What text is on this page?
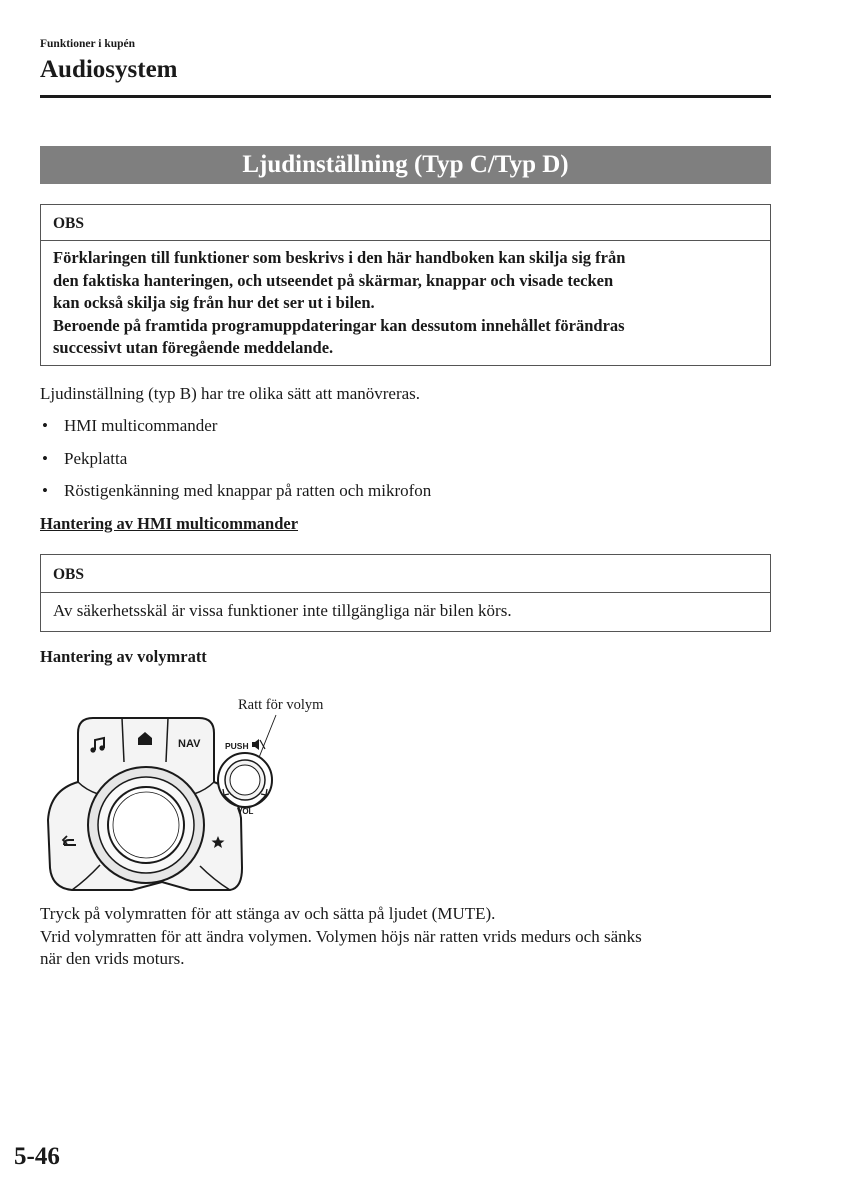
Funktioner i kupén
Audiosystem
Ljudinställning (Typ C/Typ D)
OBS
Förklaringen till funktioner som beskrivs i den här handboken kan skilja sig från
den faktiska hanteringen, och utseendet på skärmar, knappar och visade tecken
kan också skilja sig från hur det ser ut i bilen.
Beroende på framtida programuppdateringar kan dessutom innehållet förändras
successivt utan föregående meddelande.
Ljudinställning (typ B) har tre olika sätt att manövreras.
• HMI multicommander
• Pekplatta
• Röstigenkänning med knappar på ratten och mikrofon
Hantering av HMI multicommander
OBS
Av säkerhetsskäl är vissa funktioner inte tillgängliga när bilen körs.
Hantering av volymratt
Ratt för volym
NAV	PUSH
VOL
Tryck på volymratten för att stänga av och sätta på ljudet (MUTE).
Vrid volymratten för att ändra volymen. Volymen höjs när ratten vrids medurs och sänks
när den vrids moturs.
5-46
